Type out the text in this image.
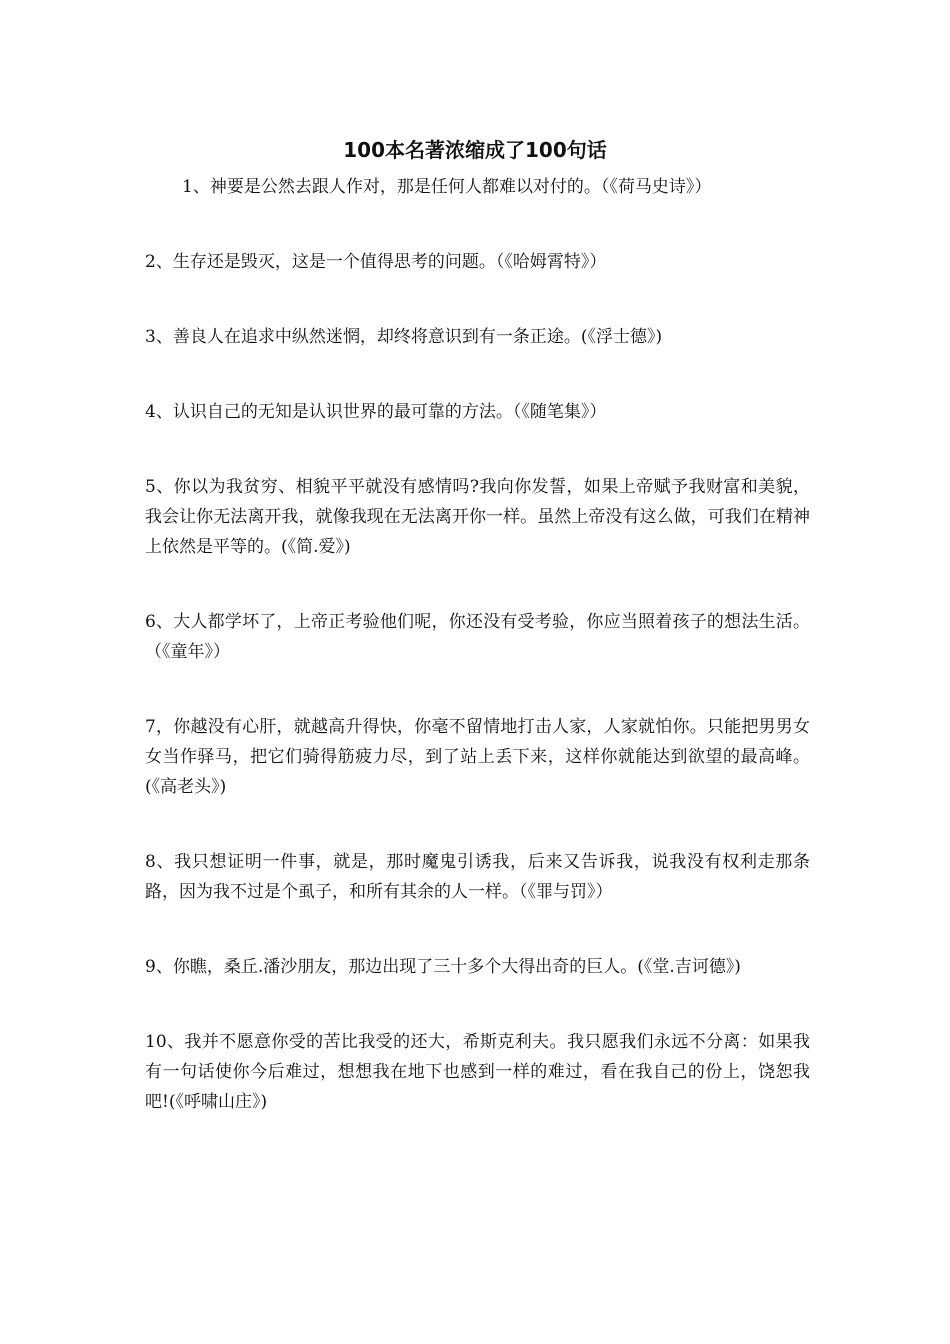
100本名著浓缩成了100句话

1、神要是公然去跟人作对，那是任何人都难以对付的。（《荷马史诗》）

2、生存还是毁灭，这是一个值得思考的问题。（《哈姆霄特》）

3、善良人在追求中纵然迷惘，却终将意识到有一条正途。(《浮士德》)

4、认识自己的无知是认识世界的最可靠的方法。（《随笔集》）

5、你以为我贫穷、相貌平平就没有感情吗?我向你发誓，如果上帝赋予我财富和美貌，我会让你无法离开我，就像我现在无法离开你一样。虽然上帝没有这么做，可我们在精神上依然是平等的。(《简.爱》)

6、大人都学坏了，上帝正考验他们呢，你还没有受考验，你应当照着孩子的想法生活。（《童年》）

7，你越没有心肝，就越高升得快，你毫不留情地打击人家，人家就怕你。只能把男男女女当作驿马，把它们骑得筋疲力尽，到了站上丢下来，这样你就能达到欲望的最高峰。(《高老头》)

8、我只想证明一件事，就是，那时魔鬼引诱我，后来又告诉我，说我没有权利走那条路，因为我不过是个虱子，和所有其余的人一样。（《罪与罚》）

9、你瞧，桑丘.潘沙朋友，那边出现了三十多个大得出奇的巨人。(《堂.吉诃德》)

10、我并不愿意你受的苦比我受的还大，希斯克利夫。我只愿我们永远不分离：如果我有一句话使你今后难过，想想我在地下也感到一样的难过，看在我自己的份上，饶恕我吧!(《呼啸山庄》)
